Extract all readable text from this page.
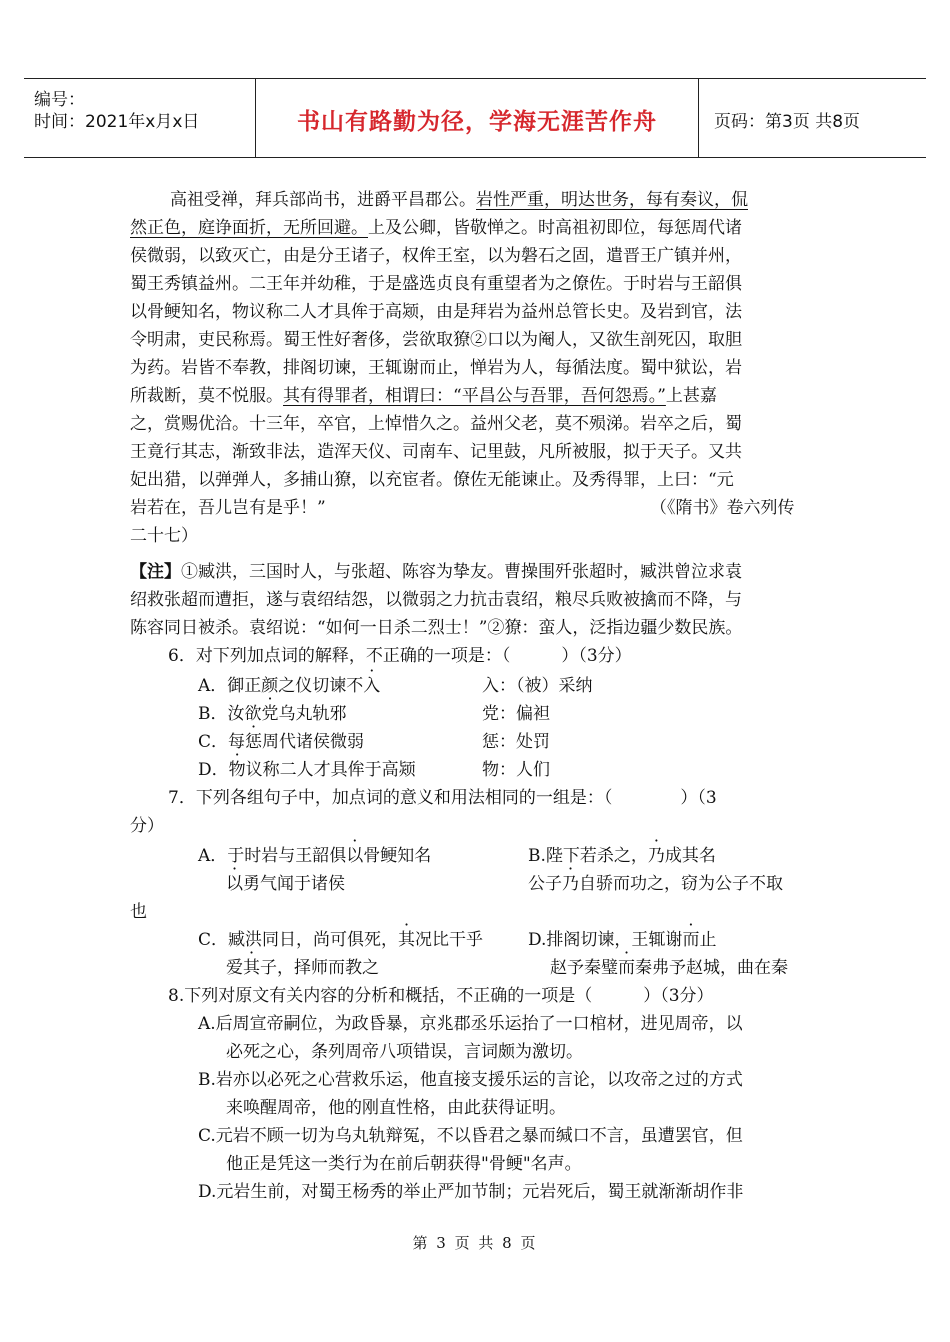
编号：
时间：2021年x月x日	书山有路勤为径，学海无涯苦作舟	页码：第3页 共8页
高祖受禅，拜兵部尚书，进爵平昌郡公。岩性严重，明达世务，每有奏议，侃
然正色，庭诤面折，无所回避。上及公卿，皆敬惮之。时高祖初即位，每惩周代诸
侯微弱，以致灭亡，由是分王诸子，权侔王室，以为磐石之固，遣晋王广镇并州，
蜀王秀镇益州。二王年并幼稚，于是盛选贞良有重望者为之僚佐。于时岩与王韶俱
以骨鲠知名，物议称二人才具侔于高颎，由是拜岩为益州总管长史。及岩到官，法
令明肃，吏民称焉。蜀王性好奢侈，尝欲取獠②口以为阉人，又欲生剖死囚，取胆
为药。岩皆不奉教，排阁切谏，王辄谢而止，惮岩为人，每循法度。蜀中狱讼，岩
所裁断，莫不悦服。其有得罪者，相谓曰：“平昌公与吾罪，吾何怨焉。”上甚嘉
之，赏赐优洽。十三年，卒官，上悼惜久之。益州父老，莫不殒涕。岩卒之后，蜀
王竟行其志，渐致非法，造浑天仪、司南车、记里鼓，凡所被服，拟于天子。又共
妃出猎，以弹弹人，多捕山獠，以充宦者。僚佐无能谏止。及秀得罪，上曰：“元
岩若在，吾儿岂有是乎！”	（《隋书》卷六列传
二十七）
【注】①臧洪，三国时人，与张超、陈容为挚友。曹操围歼张超时，臧洪曾泣求袁
绍救张超而遭拒，遂与袁绍结怨，以微弱之力抗击袁绍，粮尽兵败被擒而不降，与
陈容同日被杀。袁绍说：“如何一日杀二烈士！”②獠：蛮人，泛指边疆少数民族。
6．对下列加点词的解释，不正确的一项是：（　　　）（3分）
A．御正颜之仪切谏不入	入：（被）采纳
B．汝欲党乌丸轨邪	党：偏袒
C．每惩周代诸侯微弱	惩：处罚
D．物议称二人才具侔于高颎	物：人们
7．下列各组句子中，加点词的意义和用法相同的一组是：（　　　　）（3
分）
A．于时岩与王韶俱以骨鲠知名	B.陛下若杀之，乃成其名
以勇气闻于诸侯	公子乃自骄而功之，窃为公子不取
也
C．臧洪同日，尚可俱死，其况比干乎	D.排阁切谏，王辄谢而止
爱其子，择师而教之	赵予秦璧而秦弗予赵城，曲在秦
8.下列对原文有关内容的分析和概括，不正确的一项是（　　　）（3分）
A.后周宣帝嗣位，为政昏暴，京兆郡丞乐运抬了一口棺材，进见周帝，以
必死之心，条列周帝八项错误，言词颇为激切。
B.岩亦以必死之心营救乐运，他直接支援乐运的言论，以攻帝之过的方式
来唤醒周帝，他的刚直性格，由此获得证明。
C.元岩不顾一切为乌丸轨辩冤，不以昏君之暴而缄口不言，虽遭罢官，但
他正是凭这一类行为在前后朝获得"骨鲠"名声。
D.元岩生前，对蜀王杨秀的举止严加节制；元岩死后，蜀王就渐渐胡作非
第 3 页 共 8 页
